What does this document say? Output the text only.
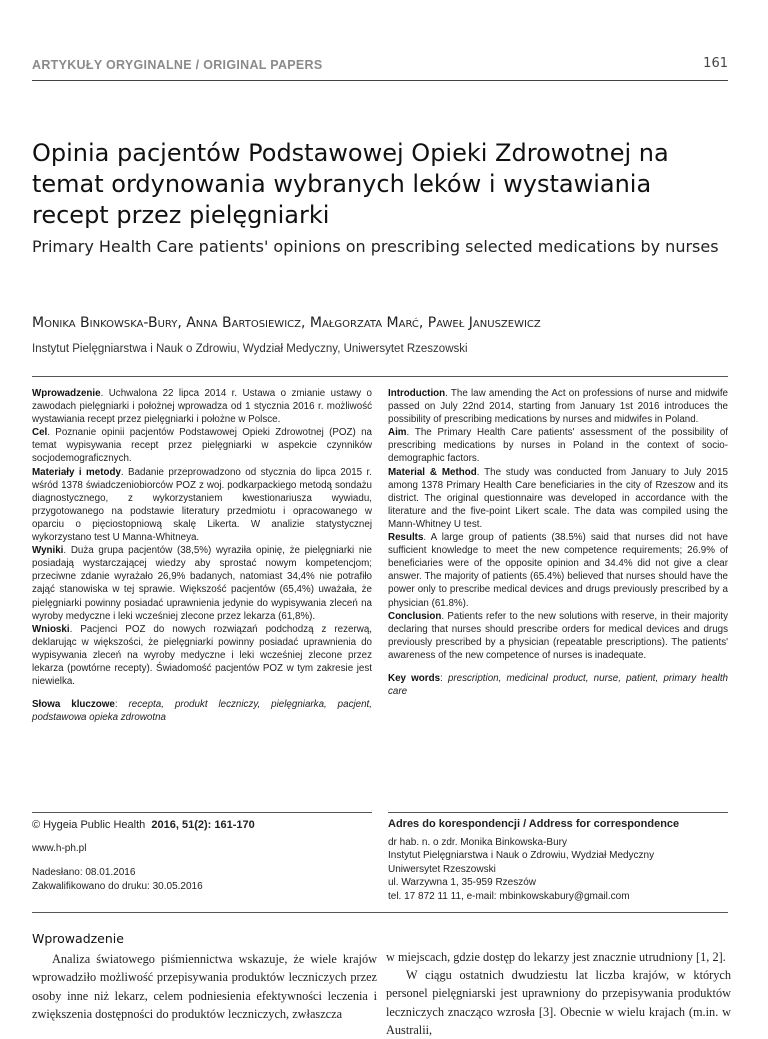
ARTYKUŁY ORYGINALNE / ORIGINAL PAPERS	161
Opinia pacjentów Podstawowej Opieki Zdrowotnej na temat ordynowania wybranych leków i wystawiania recept przez pielęgniarki
Primary Health Care patients' opinions on prescribing selected medications by nurses
Monika Binkowska-Bury, Anna Bartosiewicz, Małgorzata Marć, Paweł Januszewicz
Instytut Pielęgniarstwa i Nauk o Zdrowiu, Wydział Medyczny, Uniwersytet Rzeszowski

Wprowadzenie. Uchwalona 22 lipca 2014 r. Ustawa o zmianie ustawy o zawodach pielęgniarki i położnej wprowadza od 1 stycznia 2016 r. możliwość wystawiania recept przez pielęgniarki i położne w Polsce.

Cel. Poznanie opinii pacjentów Podstawowej Opieki Zdrowotnej (POZ) na temat wypisywania recept przez pielęgniarki w aspekcie czynników socjodemograficznych.

Materiały i metody. Badanie przeprowadzono od stycznia do lipca 2015 r. wśród 1378 świadczeniobiorców POZ z woj. podkarpackiego metodą sondażu diagnostycznego, z wykorzystaniem kwestionariusza wywiadu, przygotowanego na podstawie literatury przedmiotu i opracowanego w oparciu o pięciostopniową skalę Likerta. W analizie statystycznej wykorzystano test U Manna-Whitneya.

Wyniki. Duża grupa pacjentów (38,5%) wyraziła opinię, że pielęgniarki nie posiadają wystarczającej wiedzy aby sprostać nowym kompetencjom; przeciwne zdanie wyrażało 26,9% badanych, natomiast 34,4% nie potrafiło zająć stanowiska w tej sprawie. Większość pacjentów (65,4%) uważała, że pielęgniarki powinny posiadać uprawnienia jedynie do wypisywania zleceń na wyroby medyczne i leki wcześniej zlecone przez lekarza (61,8%).

Wnioski. Pacjenci POZ do nowych rozwiązań podchodzą z rezerwą, deklarując w większości, że pielęgniarki powinny posiadać uprawnienia do wypisywania zleceń na wyroby medyczne i leki wcześniej zlecone przez lekarza (powtórne recepty). Świadomość pacjentów POZ w tym zakresie jest niewielka.

Słowa kluczowe: recepta, produkt leczniczy, pielęgniarka, pacjent, podstawowa opieka zdrowotna

Introduction. The law amending the Act on professions of nurse and midwife passed on July 22nd 2014, starting from January 1st 2016 introduces the possibility of prescribing medications by nurses and midwifes in Poland.

Aim. The Primary Health Care patients' assessment of the possibility of prescribing medications by nurses in Poland in the context of socio-demographic factors.

Material & Method. The study was conducted from January to July 2015 among 1378 Primary Health Care beneficiaries in the city of Rzeszow and its district. The original questionnaire was developed in accordance with the literature and the five-point Likert scale. The data was compiled using the Mann-Whitney U test.

Results. A large group of patients (38.5%) said that nurses did not have sufficient knowledge to meet the new competence requirements; 26.9% of beneficiaries were of the opposite opinion and 34.4% did not give a clear answer. The majority of patients (65.4%) believed that nurses should have the power only to prescribe medical devices and drugs previously prescribed by a physician (61.8%).

Conclusion. Patients refer to the new solutions with reserve, in their majority declaring that nurses should prescribe orders for medical devices and drugs previously prescribed by a physician (repeatable prescriptions). The patients' awareness of the new competence of nurses is inadequate.

Key words: prescription, medicinal product, nurse, patient, primary health care

© Hygeia Public Health 2016, 51(2): 161-170
www.h-ph.pl
Nadesłano: 08.01.2016
Zakwalifikowano do druku: 30.05.2016
Adres do korespondencji / Address for correspondence
dr hab. n. o zdr. Monika Binkowska-Bury
Instytut Pielęgniarstwa i Nauk o Zdrowiu, Wydział Medyczny
Uniwersytet Rzeszowski
ul. Warzywna 1, 35-959 Rzeszów
tel. 17 872 11 11, e-mail: mbinkowskabury@gmail.com
Wprowadzenie

Analiza światowego piśmiennictwa wskazuje, że wiele krajów wprowadziło możliwość przepisywania produktów leczniczych przez osoby inne niż lekarz, celem podniesienia efektywności leczenia i zwiększenia dostępności do produktów leczniczych, zwłaszcza

w miejscach, gdzie dostęp do lekarzy jest znacznie utrudniony [1, 2].

W ciągu ostatnich dwudziestu lat liczba krajów, w których personel pielęgniarski jest uprawniony do przepisywania produktów leczniczych znacząco wzrosła [3]. Obecnie w wielu krajach (m.in. w Australii,
